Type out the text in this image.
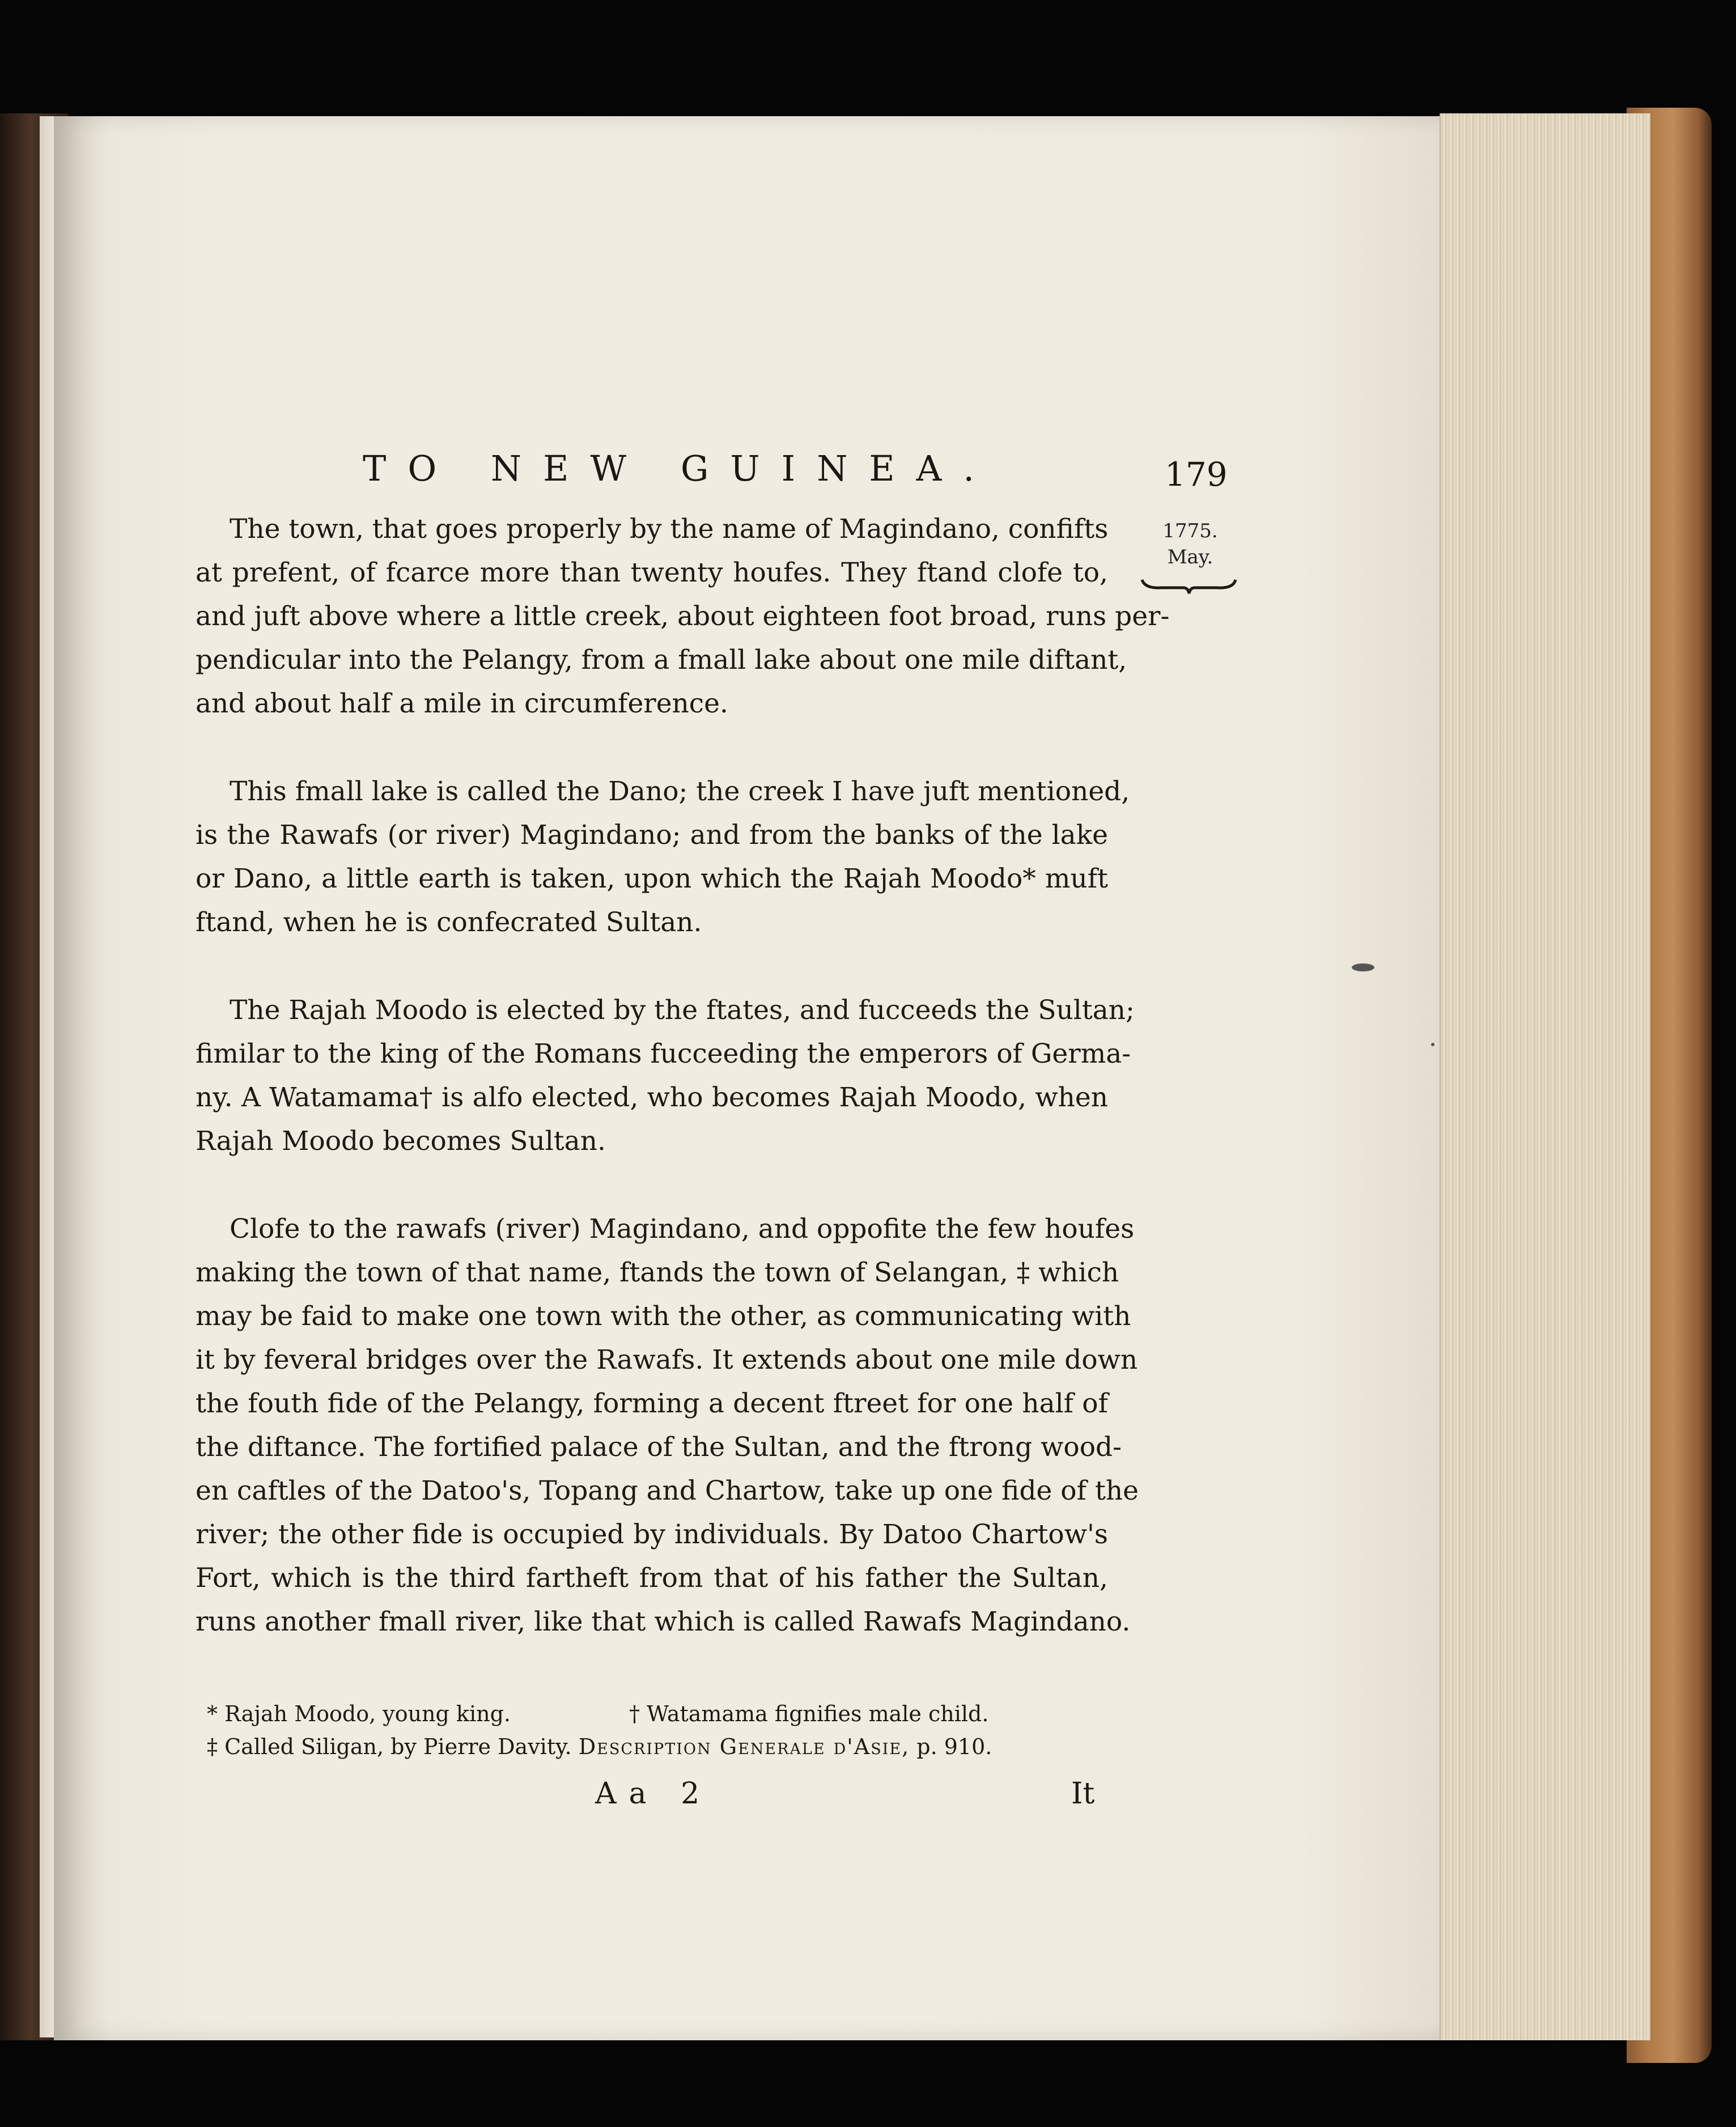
TO NEW GUINEA.	179
1775.
May.
The town, that goes properly by the name of Magindano, confifts
at prefent, of fcarce more than twenty houfes. They ftand clofe to,
and juft above where a little creek, about eighteen foot broad, runs per-
pendicular into the Pelangy, from a fmall lake about one mile diftant,
and about half a mile in circumference.
This fmall lake is called the Dano; the creek I have juft mentioned,
is the Rawafs (or river) Magindano; and from the banks of the lake
or Dano, a little earth is taken, upon which the Rajah Moodo* muft
ftand, when he is confecrated Sultan.
The Rajah Moodo is elected by the ftates, and fucceeds the Sultan;
fimilar to the king of the Romans fucceeding the emperors of Germa-
ny. A Watamama† is alfo elected, who becomes Rajah Moodo, when
Rajah Moodo becomes Sultan.
Clofe to the rawafs (river) Magindano, and oppofite the few houfes
making the town of that name, ftands the town of Selangan, ‡ which
may be faid to make one town with the other, as communicating with
it by feveral bridges over the Rawafs. It extends about one mile down
the fouth fide of the Pelangy, forming a decent ftreet for one half of
the diftance. The fortified palace of the Sultan, and the ftrong wood-
en caftles of the Datoo's, Topang and Chartow, take up one fide of the
river; the other fide is occupied by individuals. By Datoo Chartow's
Fort, which is the third fartheft from that of his father the Sultan,
runs another fmall river, like that which is called Rawafs Magindano.
* Rajah Moodo, young king.	† Watamama fignifies male child.
‡ Called Siligan, by Pierre Davity. Description Generale d'Asie, p. 910.
Aa 2	It
